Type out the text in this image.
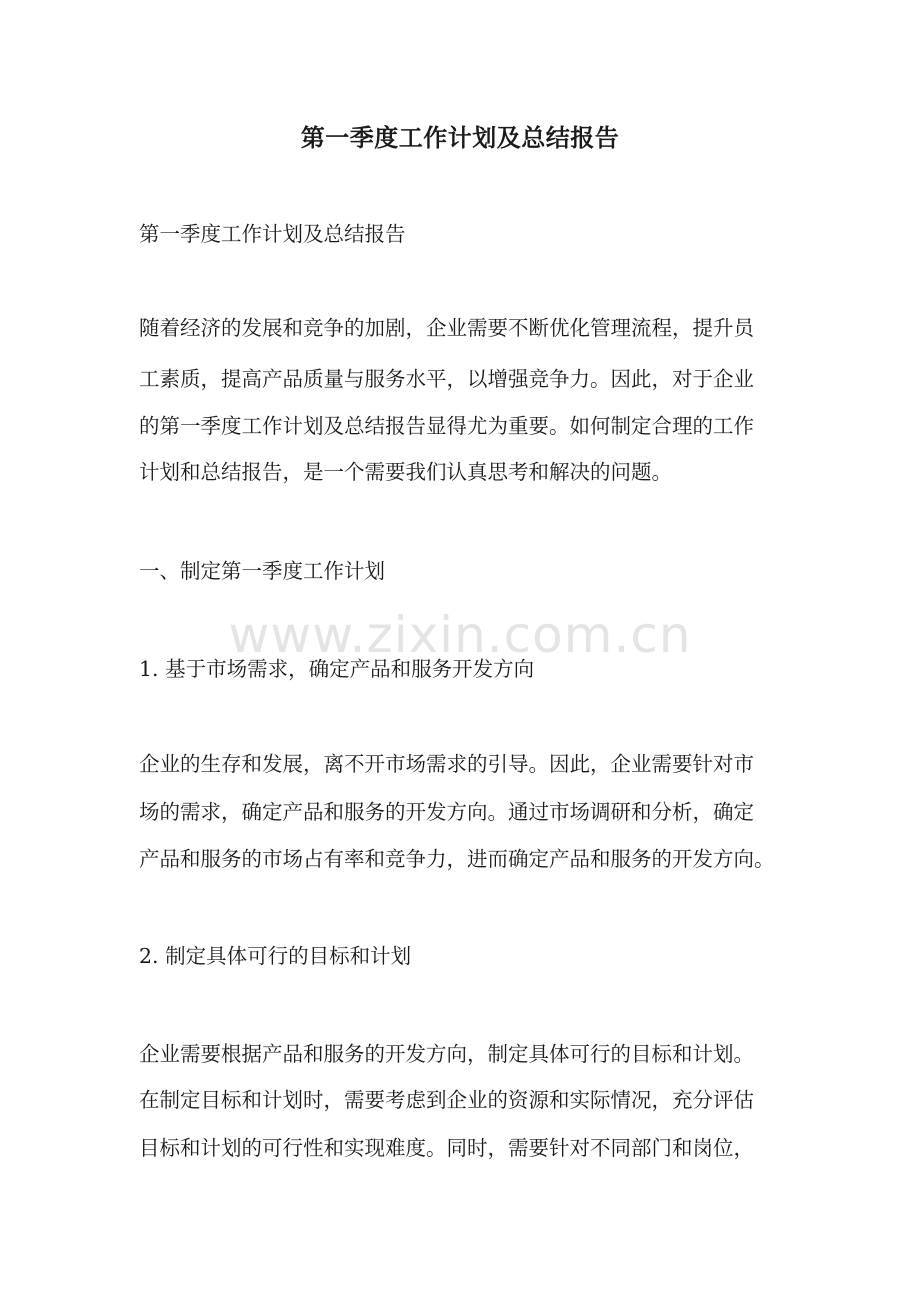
www.zixin.com.cn
第一季度工作计划及总结报告
第一季度工作计划及总结报告
随着经济的发展和竞争的加剧，企业需要不断优化管理流程，提升员
工素质，提高产品质量与服务水平，以增强竞争力。因此，对于企业
的第一季度工作计划及总结报告显得尤为重要。如何制定合理的工作
计划和总结报告，是一个需要我们认真思考和解决的问题。
一、制定第一季度工作计划
1. 基于市场需求，确定产品和服务开发方向
企业的生存和发展，离不开市场需求的引导。因此，企业需要针对市
场的需求，确定产品和服务的开发方向。通过市场调研和分析，确定
产品和服务的市场占有率和竞争力，进而确定产品和服务的开发方向。
2. 制定具体可行的目标和计划
企业需要根据产品和服务的开发方向，制定具体可行的目标和计划。
在制定目标和计划时，需要考虑到企业的资源和实际情况，充分评估
目标和计划的可行性和实现难度。同时，需要针对不同部门和岗位，
